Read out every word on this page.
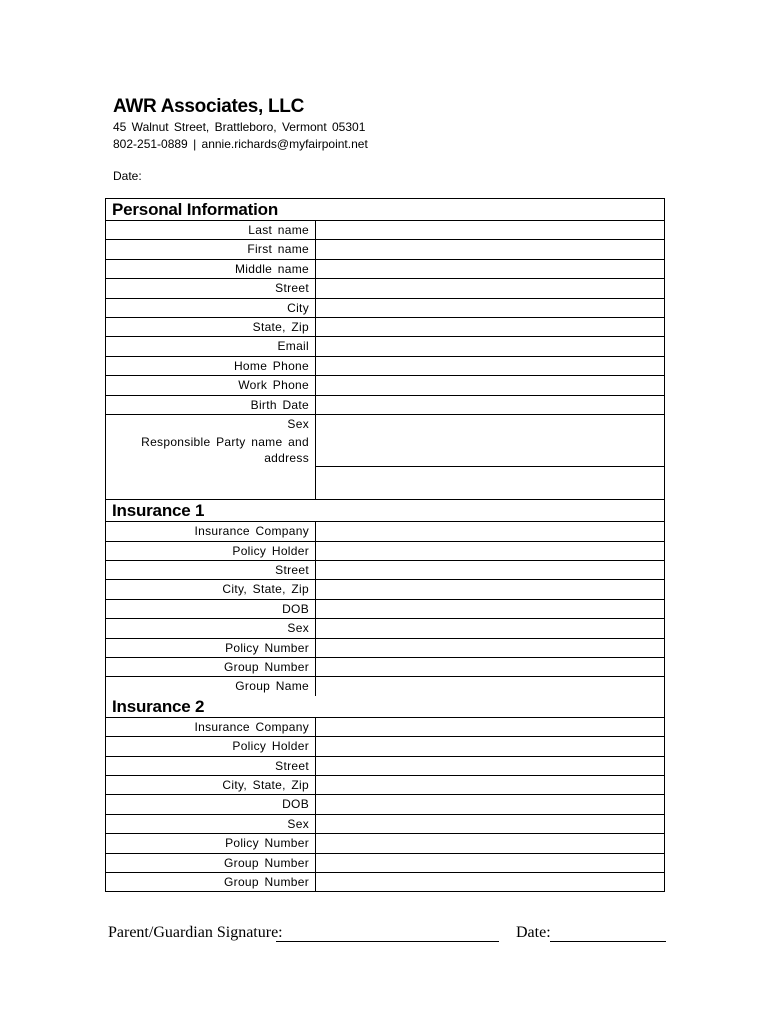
AWR Associates, LLC
45 Walnut Street, Brattleboro, Vermont 05301
802-251-0889 | annie.richards@myfairpoint.net
Date:
Personal Information
Last name
First name
Middle name
Street
City
State, Zip
Email
Home Phone
Work Phone
Birth Date
Sex
Responsible Party name and address
Insurance 1
Insurance Company
Policy Holder
Street
City, State, Zip
DOB
Sex
Policy Number
Group Number
Group Name
Insurance 2
Insurance Company
Policy Holder
Street
City, State, Zip
DOB
Sex
Policy Number
Group Number
Group Number
Parent/Guardian Signature:	Date:
